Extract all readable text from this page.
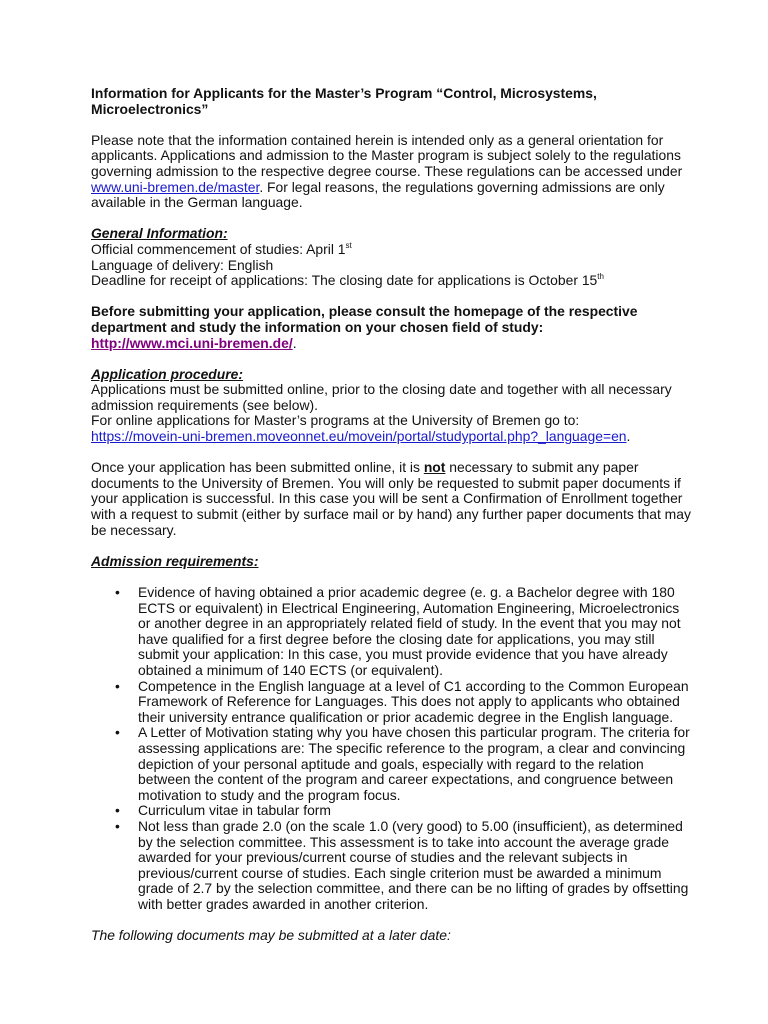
Information for Applicants for the Master’s Program “Control, Microsystems, Microelectronics”

Please note that the information contained herein is intended only as a general orientation for applicants. Applications and admission to the Master program is subject solely to the regulations governing admission to the respective degree course. These regulations can be accessed under www.uni-bremen.de/master. For legal reasons, the regulations governing admissions are only available in the German language.

General Information:

Official commencement of studies: April 1st

Language of delivery: English

Deadline for receipt of applications: The closing date for applications is October 15th

Before submitting your application, please consult the homepage of the respective department and study the information on your chosen field of study:
http://www.mci.uni-bremen.de/.

Application procedure:

Applications must be submitted online, prior to the closing date and together with all necessary admission requirements (see below).

For online applications for Master’s programs at the University of Bremen go to:

https://movein-uni-bremen.moveonnet.eu/movein/portal/studyportal.php?_language=en.

Once your application has been submitted online, it is not necessary to submit any paper documents to the University of Bremen. You will only be requested to submit paper documents if your application is successful. In this case you will be sent a Confirmation of Enrollment together with a request to submit (either by surface mail or by hand) any further paper documents that may be necessary.

Admission requirements:

• Evidence of having obtained a prior academic degree (e. g. a Bachelor degree with 180 ECTS or equivalent) in Electrical Engineering, Automation Engineering, Microelectronics or another degree in an appropriately related field of study. In the event that you may not have qualified for a first degree before the closing date for applications, you may still submit your application: In this case, you must provide evidence that you have already obtained a minimum of 140 ECTS (or equivalent).
• Competence in the English language at a level of C1 according to the Common European Framework of Reference for Languages. This does not apply to applicants who obtained their university entrance qualification or prior academic degree in the English language.
• A Letter of Motivation stating why you have chosen this particular program. The criteria for assessing applications are: The specific reference to the program, a clear and convincing depiction of your personal aptitude and goals, especially with regard to the relation between the content of the program and career expectations, and congruence between motivation to study and the program focus.
• Curriculum vitae in tabular form
• Not less than grade 2.0 (on the scale 1.0 (very good) to 5.00 (insufficient), as determined by the selection committee. This assessment is to take into account the average grade awarded for your previous/current course of studies and the relevant subjects in previous/current course of studies. Each single criterion must be awarded a minimum grade of 2.7 by the selection committee, and there can be no lifting of grades by offsetting with better grades awarded in another criterion.

The following documents may be submitted at a later date:
